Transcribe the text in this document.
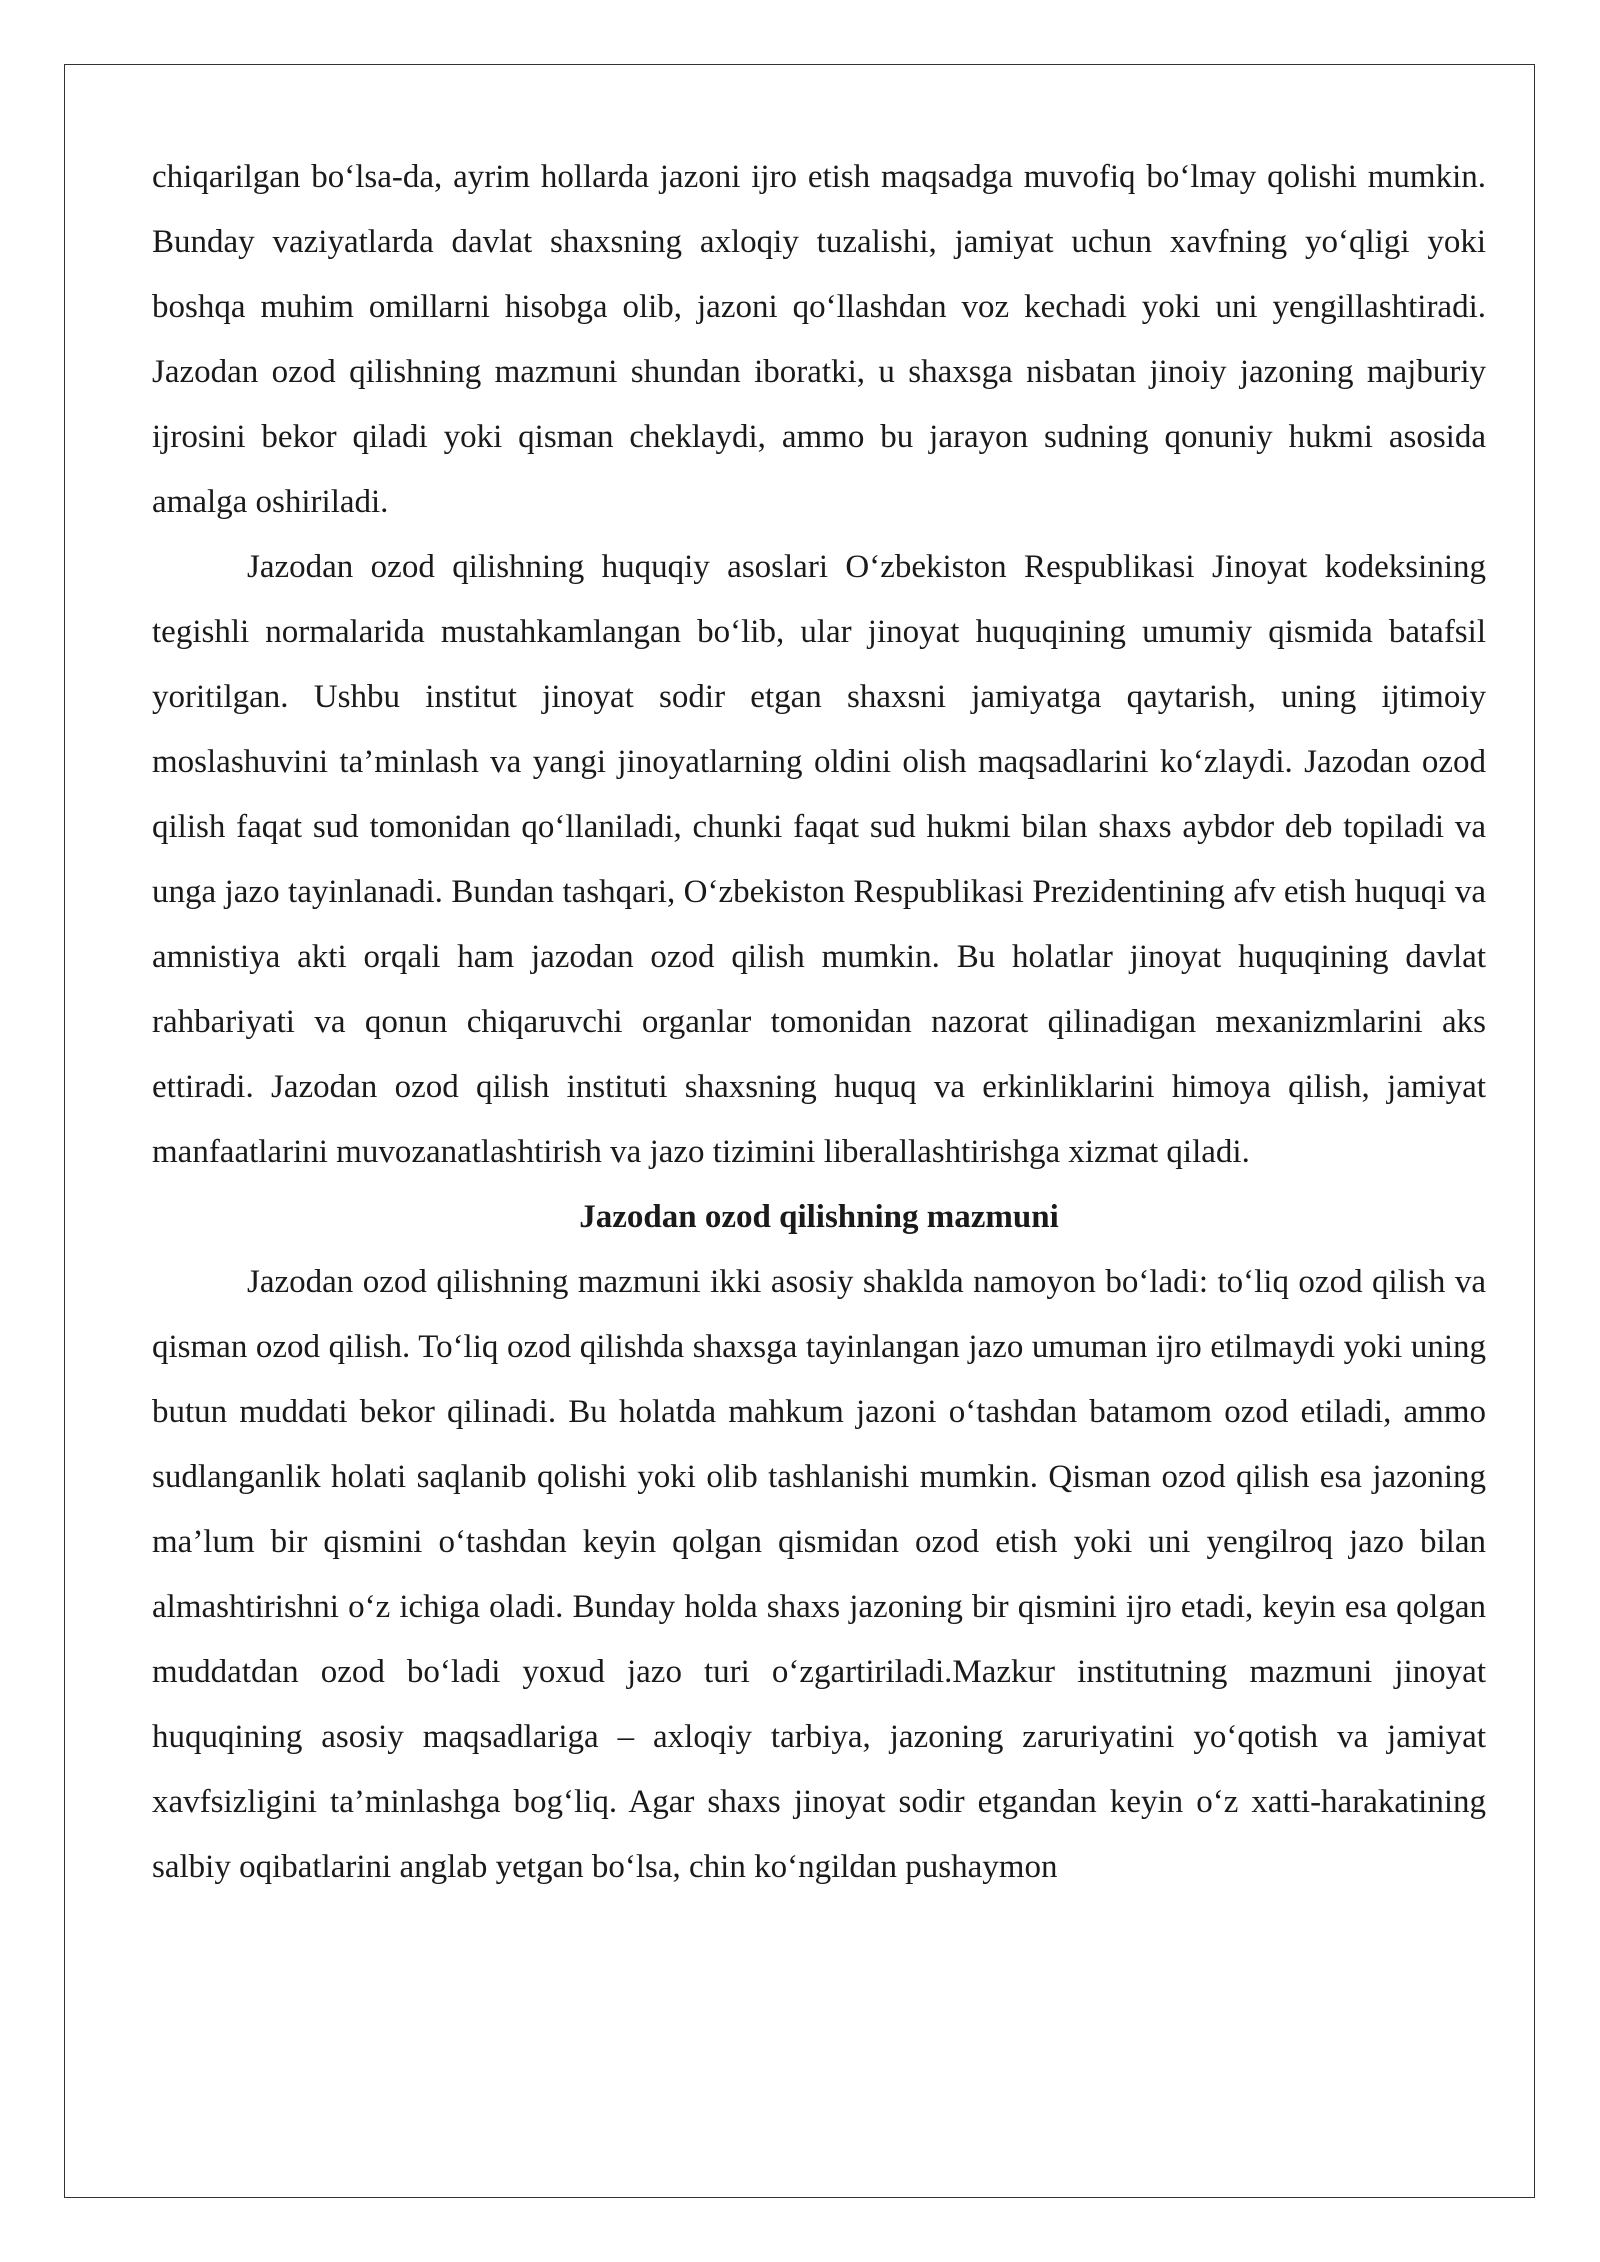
chiqarilgan bo‘lsa-da, ayrim hollarda jazoni ijro etish maqsadga muvofiq bo‘lmay qolishi mumkin. Bunday vaziyatlarda davlat shaxsning axloqiy tuzalishi, jamiyat uchun xavfning yo‘qligi yoki boshqa muhim omillarni hisobga olib, jazoni qo‘llashdan voz kechadi yoki uni yengillashtiradi. Jazodan ozod qilishning mazmuni shundan iboratki, u shaxsga nisbatan jinoiy jazoning majburiy ijrosini bekor qiladi yoki qisman cheklaydi, ammo bu jarayon sudning qonuniy hukmi asosida amalga oshiriladi.

Jazodan ozod qilishning huquqiy asoslari O‘zbekiston Respublikasi Jinoyat kodeksining tegishli normalarida mustahkamlangan bo‘lib, ular jinoyat huquqining umumiy qismida batafsil yoritilgan. Ushbu institut jinoyat sodir etgan shaxsni jamiyatga qaytarish, uning ijtimoiy moslashuvini ta’minlash va yangi jinoyatlarning oldini olish maqsadlarini ko‘zlaydi. Jazodan ozod qilish faqat sud tomonidan qo‘llaniladi, chunki faqat sud hukmi bilan shaxs aybdor deb topiladi va unga jazo tayinlanadi. Bundan tashqari, O‘zbekiston Respublikasi Prezidentining afv etish huquqi va amnistiya akti orqali ham jazodan ozod qilish mumkin. Bu holatlar jinoyat huquqining davlat rahbariyati va qonun chiqaruvchi organlar tomonidan nazorat qilinadigan mexanizmlarini aks ettiradi. Jazodan ozod qilish instituti shaxsning huquq va erkinliklarini himoya qilish, jamiyat manfaatlarini muvozanatlashtirish va jazo tizimini liberallashtirishga xizmat qiladi.

Jazodan ozod qilishning mazmuni

Jazodan ozod qilishning mazmuni ikki asosiy shaklda namoyon bo‘ladi: to‘liq ozod qilish va qisman ozod qilish. To‘liq ozod qilishda shaxsga tayinlangan jazo umuman ijro etilmaydi yoki uning butun muddati bekor qilinadi. Bu holatda mahkum jazoni o‘tashdan batamom ozod etiladi, ammo sudlanganlik holati saqlanib qolishi yoki olib tashlanishi mumkin. Qisman ozod qilish esa jazoning ma’lum bir qismini o‘tashdan keyin qolgan qismidan ozod etish yoki uni yengilroq jazo bilan almashtirishni o‘z ichiga oladi. Bunday holda shaxs jazoning bir qismini ijro etadi, keyin esa qolgan muddatdan ozod bo‘ladi yoxud jazo turi o‘zgartiriladi.Mazkur institutning mazmuni jinoyat huquqining asosiy maqsadlariga – axloqiy tarbiya, jazoning zaruriyatini yo‘qotish va jamiyat xavfsizligini ta’minlashga bog‘liq. Agar shaxs jinoyat sodir etgandan keyin o‘z xatti-harakatining salbiy oqibatlarini anglab yetgan bo‘lsa, chin ko‘ngildan pushaymon
